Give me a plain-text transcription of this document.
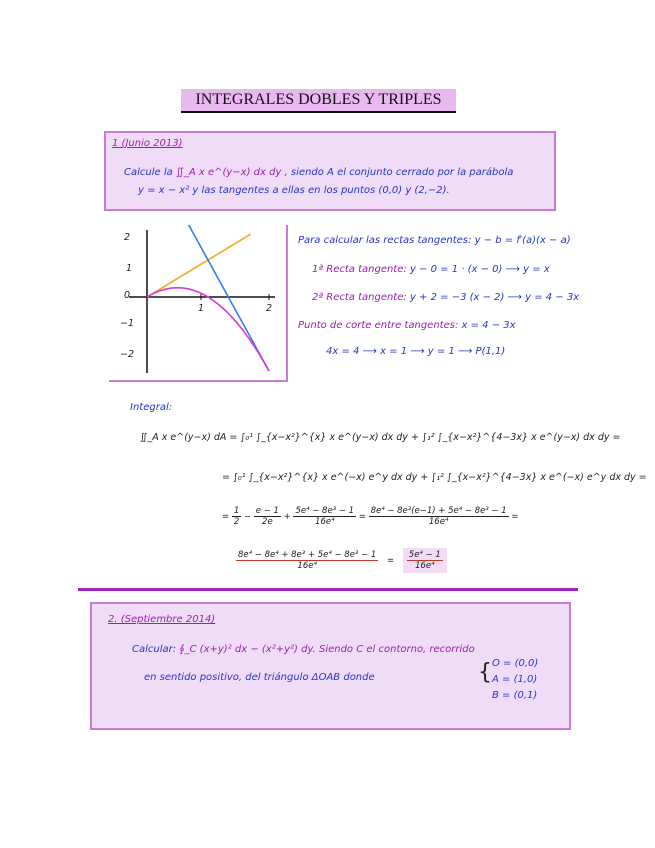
INTEGRALES DOBLES Y TRIPLES
1 (Junio 2013)
Calcule la ∬_A x e^(y−x) dx dy , siendo A el conjunto cerrado por la parábola
y = x − x² y las tangentes a ellas en los puntos (0,0) y (2,−2).
2
1
0
−1
−2
1	2
Para calcular las rectas tangentes: y − b = f′(a)(x − a)
1ª Recta tangente: y − 0 = 1 · (x − 0) ⟶ y = x
2ª Recta tangente: y + 2 = −3 (x − 2) ⟶ y = 4 − 3x
Punto de corte entre tangentes: x = 4 − 3x
4x = 4 ⟶ x = 1 ⟶ y = 1 ⟶ P(1,1)
Integral:
∬_A x e^(y−x) dA = ∫₀¹ ∫_{x−x²}^{x} x e^(y−x) dx dy + ∫₁² ∫_{x−x²}^{4−3x} x e^(y−x) dx dy =
= ∫₀¹ ∫_{x−x²}^{x} x e^(−x) e^y dx dy + ∫₁² ∫_{x−x²}^{4−3x} x e^(−x) e^y dx dy =
= $\frac{1}{2} - \frac{e - 1}{2e} + \frac{\text{5e⁴ − 8e³ − 1}}{\text{16e⁴}} = \frac{\text{8e⁴ − 8e³(e−1) + 5e⁴ − 8e³ − 1}}{\text{16e⁴}}$ =
$\frac{\text{8e⁴ − 8e⁴ + 8e³ + 5e⁴ − 8e³ − 1}}{\text{16e⁴}} = \frac{\text{5e⁴ − 1}}{\text{16e⁴}}$
2. (Septiembre 2014)
Calcular: ∮_C (x+y)² dx − (x²+y²) dy. Siendo C el contorno, recorrido
en sentido positivo, del triángulo ΔOAB donde	{ O = (0,0)
A = (1,0)
B = (0,1)
